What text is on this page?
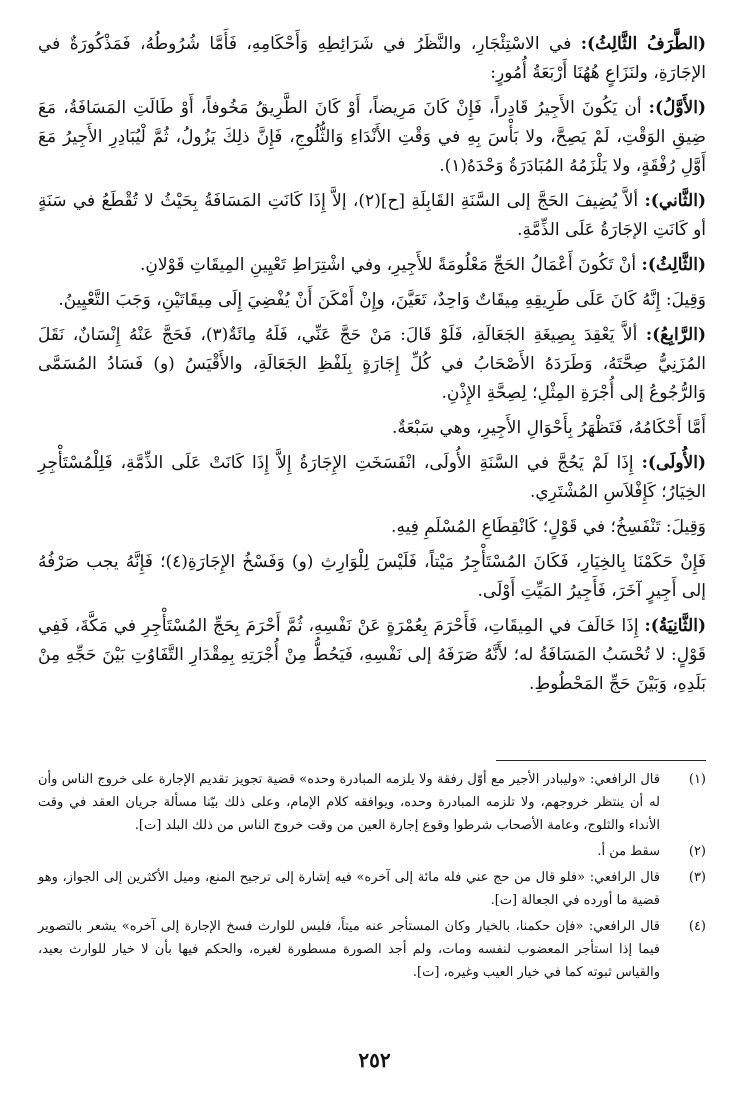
(الطَّرَفُ الثَّالِثُ): في الاسْتِئْجَارِ، والنَّظَرُ في شَرَائِطِهِ وَأَحْكَامِهِ، فَأَمَّا شُرُوطُهُ، فَمَذْكُورَةٌ في الإجَارَةِ، ولنَزَاعٍ هُهُنَا أَرْبَعَةُ أُمُورٍ:

(الأَوَّلُ): أن يَكُونَ الأَجِيرُ قَادِراً، فَإِنْ كَانَ مَرِيضاً، أَوْ كَانَ الطَّرِيقُ مَخُوفاً، أَوْ طَالَتِ المَسَافَةُ، مَعَ ضِيقِ الوَقْتِ، لَمْ يَصِحَّ، ولا بَأْسَ بِهِ في وَقْتِ الأَنْدَاءِ وَالثُّلُوجِ، فَإِنَّ ذلِكَ يَزُولُ، ثُمَّ لْيُبَادِرِ الأَجِيرُ مَعَ أَوَّلِ رُفْقَةٍ، ولا يَلْزَمُهُ المُبَادَرَةُ وَحْدَهُ(١).

(الثَّاني): ألاَّ يُضِيفَ الحَجَّ إلى السَّنَةِ القَابِلَةِ [ح](٢)، إلاَّ إِذَا كَانَتِ المَسَافَةُ بِحَيْثُ لا تُقْطَعُ في سَنَةٍ أو كَانَتِ الإجَارَةُ عَلَى الذِّمَّةِ.

(الثَّالِثُ): أنْ تَكُونَ أَعْمَالُ الحَجِّ مَعْلُومَةً للأَجِيرِ، وفي اشْتِرَاطِ تَعْيِينِ المِيقَاتِ قَوْلانِ.

وَقِيلَ: إِنَّهُ كَانَ عَلَى طَرِيقِهِ مِيقَاتٌ وَاحِدٌ، تَعَيَّنَ، وإِنْ أَمْكَنَ أَنْ يُفْضِيَ إِلَى مِيقَاتَيْنِ، وَجَبَ التَّعْيِينُ.

(الرَّابِعُ): ألاَّ يَعْقِدَ بِصِيغَةِ الجَعَالَةِ، فَلَوْ قَالَ: مَنْ حَجَّ عَنِّي، فَلَهُ مِائَةٌ(٣)، فَحَجَّ عَنْهُ إِنْسَانٌ، نَقَلَ المُزَنِيُّ صِحَّتَهُ، وَطَرَدَهُ الأَصْحَابُ في كُلِّ إِجَارَةٍ بِلَفْظِ الجَعَالَةِ، والأَقْيَسُ (و) فَسَادُ المُسَمَّى وَالرُّجُوعُ إلى أُجْرَةِ المِثْلِ؛ لِصِحَّةِ الإِذْنِ.

أَمَّا أَحْكَامُهُ، فَتَظْهَرُ بِأَحْوَالِ الأَجِيرِ، وهي سَبْعَةٌ.

(الأُولَى): إِذَا لَمْ يَحُجَّ في السَّنَةِ الأُولَى، انْفَسَخَتِ الإِجَارَةُ إِلاَّ إِذَا كَانَتْ عَلَى الذِّمَّةِ، فَلِلْمُسْتَأْجِرِ الخِيَارُ؛ كَإِفْلاَسِ المُشْتَرِي.

وَقِيلَ: تَنْفَسِخُ؛ في قَوْلٍ؛ كَانْقِطَاعِ المُسْلَمِ فِيهِ.

فَإِنْ حَكَمْنَا بِالخِيَارِ، فَكَانَ المُسْتَأْجِرُ مَيْتاً، فَلَيْسَ لِلْوَارِثِ (و) وَفَسْخُ الإِجَارَةِ(٤)؛ فَإِنَّهُ يجب صَرْفُهُ إلى أَجِيرٍ آخَرَ، فَأَجِيرُ المَيِّتِ أَوْلَى.

(الثَّانِيَةُ): إِذَا خَالَفَ في المِيقَاتِ، فَأَحْرَمَ بِعُمْرَةٍ عَنْ نَفْسِهِ، ثُمَّ أَحْرَمَ بِحَجِّ المُسْتَأْجِرِ في مَكَّةَ، فَفِي قَوْلٍ: لا تُحْسَبُ المَسَافَةُ له؛ لأَنَّهُ صَرَفَهُ إلى نَفْسِهِ، فَيَحُطُّ مِنْ أُجْرَتِهِ بِمِقْدَارِ التَّفَاوُتِ بَيْنَ حَجِّهِ مِنْ بَلَدِهِ، وَبَيْنَ حَجِّ المَحْطُوطِ.

(١)
قال الرافعي: «وليبادر الأجير مع أوّل رفقة ولا يلزمه المبادرة وحده» قضية تجويز تقديم الإجارة على خروج الناس وأن له أن ينتظر خروجهم، ولا تلزمه المبادرة وحده، ويوافقه كلام الإمام، وعلى ذلك بيّنا مسألة جريان العقد في وقت الأنداء والثلوج، وعامة الأصحاب شرطوا وقوع إجارة العين من وقت خروج الناس من ذلك البلد [ت].
(٢)
سقط من أ.
(٣)
قال الرافعي: «فلو قال من حج عني فله مائة إلى آخره» فيه إشارة إلى ترجيح المنع، وميل الأكثرين إلى الجواز، وهو قضية ما أورده في الجعالة [ت].
(٤)
قال الرافعي: «فإن حكمنا، بالخيار وكان المستأجر عنه ميتاً، فليس للوارث فسخ الإجارة إلى آخره» يشعر بالتصوير فيما إذا استأجر المعضوب لنفسه ومات، ولم أجد الصورة مسطورة لغيره، والحكم فيها بأن لا خيار للوارث بعيد، والقياس ثبوته كما في خيار العيب وغيره، [ت].
٢٥٢
